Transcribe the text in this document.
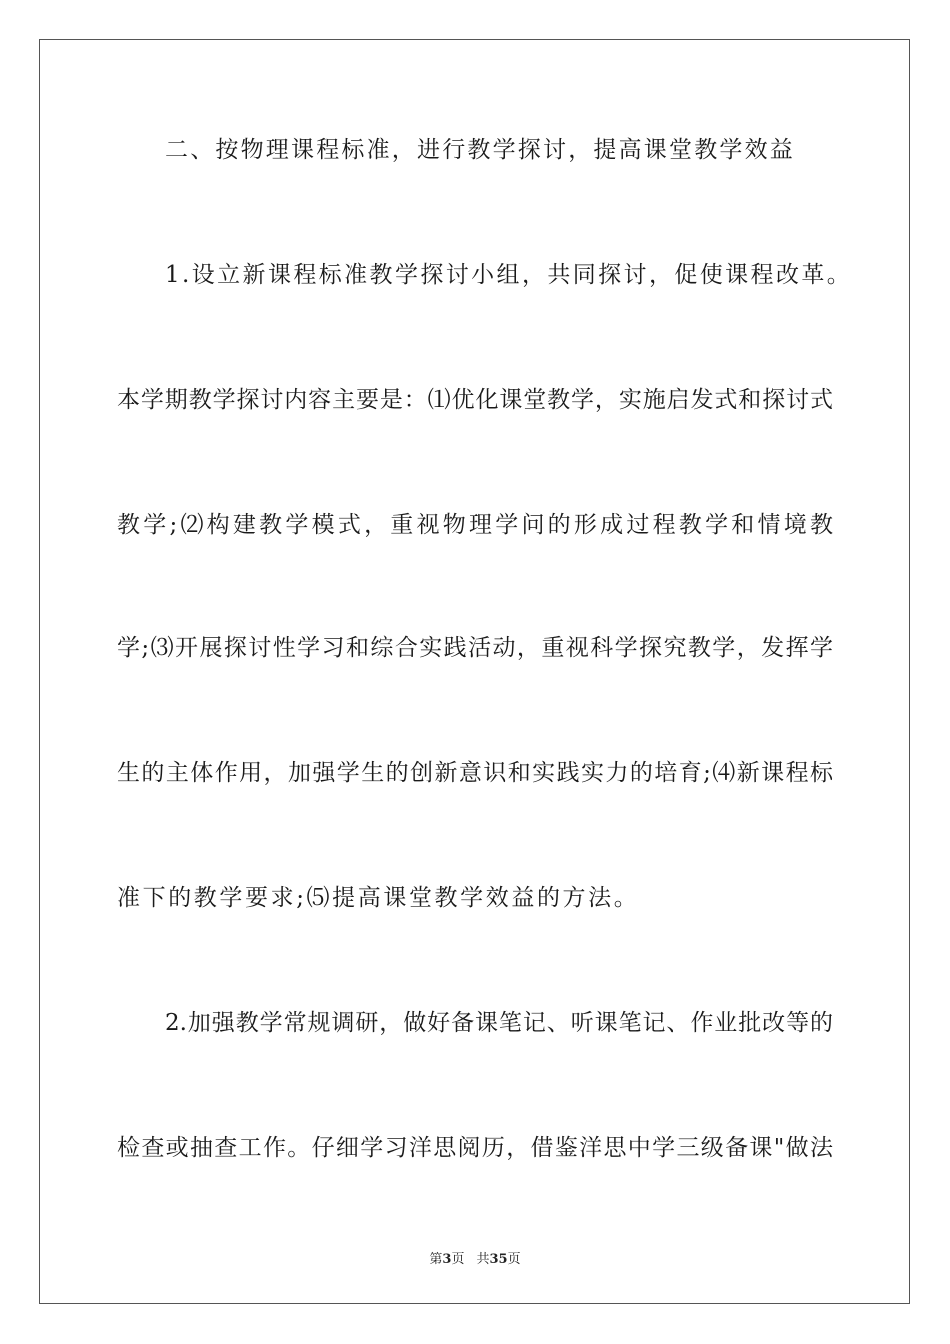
二、按物理课程标准，进行教学探讨，提高课堂教学效益

1.设立新课程标准教学探讨小组，共同探讨，促使课程改革。

本学期教学探讨内容主要是：⑴优化课堂教学，实施启发式和探讨式

教学;⑵构建教学模式，重视物理学问的形成过程教学和情境教

学;⑶开展探讨性学习和综合实践活动，重视科学探究教学，发挥学

生的主体作用，加强学生的创新意识和实践实力的培育;⑷新课程标

准下的教学要求;⑸提高课堂教学效益的方法。

2.加强教学常规调研，做好备课笔记、听课笔记、作业批改等的

检查或抽查工作。仔细学习洋思阅历，借鉴洋思中学三级备课"做法

第3页 共35页
